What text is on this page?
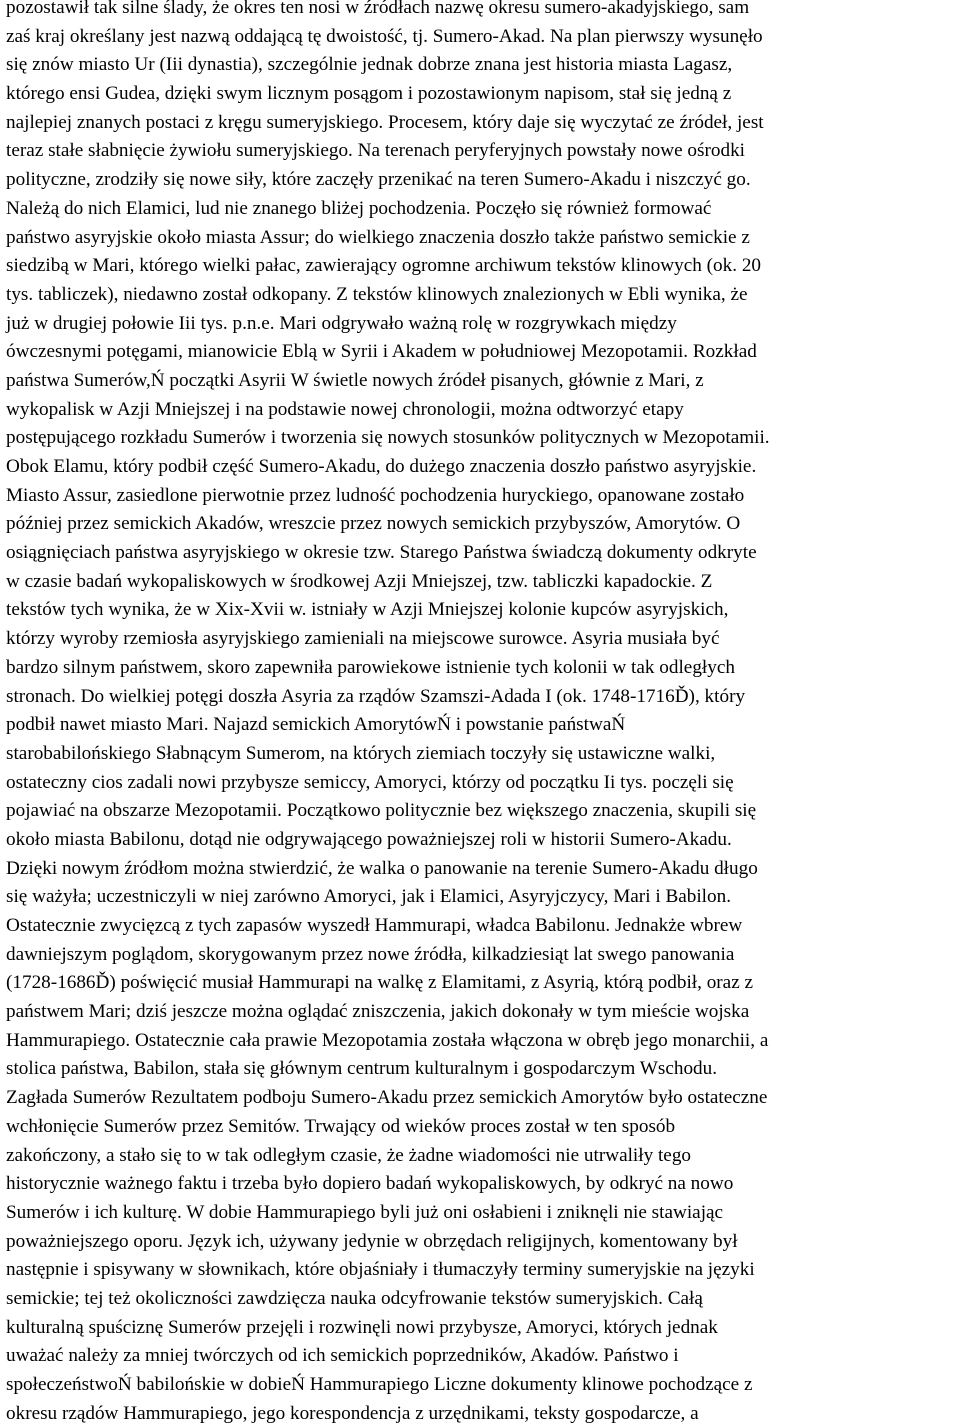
pozostawił tak silne ślady, że okres ten nosi w źródłach nazwę okresu sumero-akadyjskiego, sam
zaś kraj określany jest nazwą oddającą tę dwoistość, tj. Sumero-Akad. Na plan pierwszy wysunęło
się znów miasto Ur (Iii dynastia), szczególnie jednak dobrze znana jest historia miasta Lagasz,
którego ensi Gudea, dzięki swym licznym posągom i pozostawionym napisom, stał się jedną z
najlepiej znanych postaci z kręgu sumeryjskiego. Procesem, który daje się wyczytać ze źródeł, jest
teraz stałe słabnięcie żywiołu sumeryjskiego. Na terenach peryferyjnych powstały nowe ośrodki
polityczne, zrodziły się nowe siły, które zaczęły przenikać na teren Sumero-Akadu i niszczyć go.
Należą do nich Elamici, lud nie znanego bliżej pochodzenia. Poczęło się również formować
państwo asyryjskie około miasta Assur; do wielkiego znaczenia doszło także państwo semickie z
siedzibą w Mari, którego wielki pałac, zawierający ogromne archiwum tekstów klinowych (ok. 20
tys. tabliczek), niedawno został odkopany. Z tekstów klinowych znalezionych w Ebli wynika, że
już w drugiej połowie Iii tys. p.n.e. Mari odgrywało ważną rolę w rozgrywkach między
ówczesnymi potęgami, mianowicie Eblą w Syrii i Akadem w południowej Mezopotamii. Rozkład
państwa Sumerów,Ń początki Asyrii W świetle nowych źródeł pisanych, głównie z Mari, z
wykopalisk w Azji Mniejszej i na podstawie nowej chronologii, można odtworzyć etapy
postępującego rozkładu Sumerów i tworzenia się nowych stosunków politycznych w Mezopotamii.
Obok Elamu, który podbił część Sumero-Akadu, do dużego znaczenia doszło państwo asyryjskie.
Miasto Assur, zasiedlone pierwotnie przez ludność pochodzenia huryckiego, opanowane zostało
później przez semickich Akadów, wreszcie przez nowych semickich przybyszów, Amorytów. O
osiągnięciach państwa asyryjskiego w okresie tzw. Starego Państwa świadczą dokumenty odkryte
w czasie badań wykopaliskowych w środkowej Azji Mniejszej, tzw. tabliczki kapadockie. Z
tekstów tych wynika, że w Xix-Xvii w. istniały w Azji Mniejszej kolonie kupców asyryjskich,
którzy wyroby rzemiosła asyryjskiego zamieniali na miejscowe surowce. Asyria musiała być
bardzo silnym państwem, skoro zapewniła parowiekowe istnienie tych kolonii w tak odległych
stronach. Do wielkiej potęgi doszła Asyria za rządów Szamszi-Adada I (ok. 1748-1716Ď), który
podbił nawet miasto Mari. Najazd semickich AmorytówŃ i powstanie państwaŃ
starobabilońskiego Słabnącym Sumerom, na których ziemiach toczyły się ustawiczne walki,
ostateczny cios zadali nowi przybysze semiccy, Amoryci, którzy od początku Ii tys. poczęli się
pojawiać na obszarze Mezopotamii. Początkowo politycznie bez większego znaczenia, skupili się
około miasta Babilonu, dotąd nie odgrywającego poważniejszej roli w historii Sumero-Akadu.
Dzięki nowym źródłom można stwierdzić, że walka o panowanie na terenie Sumero-Akadu długo
się ważyła; uczestniczyli w niej zarówno Amoryci, jak i Elamici, Asyryjczycy, Mari i Babilon.
Ostatecznie zwycięzcą z tych zapasów wyszedł Hammurapi, władca Babilonu. Jednakże wbrew
dawniejszym poglądom, skorygowanym przez nowe źródła, kilkadziesiąt lat swego panowania
(1728-1686Ď) poświęcić musiał Hammurapi na walkę z Elamitami, z Asyrią, którą podbił, oraz z
państwem Mari; dziś jeszcze można oglądać zniszczenia, jakich dokonały w tym mieście wojska
Hammurapiego. Ostatecznie cała prawie Mezopotamia została włączona w obręb jego monarchii, a
stolica państwa, Babilon, stała się głównym centrum kulturalnym i gospodarczym Wschodu.
Zagłada Sumerów Rezultatem podboju Sumero-Akadu przez semickich Amorytów było ostateczne
wchłonięcie Sumerów przez Semitów. Trwający od wieków proces został w ten sposób
zakończony, a stało się to w tak odległym czasie, że żadne wiadomości nie utrwaliły tego
historycznie ważnego faktu i trzeba było dopiero badań wykopaliskowych, by odkryć na nowo
Sumerów i ich kulturę. W dobie Hammurapiego byli już oni osłabieni i zniknęli nie stawiając
poważniejszego oporu. Język ich, używany jedynie w obrzędach religijnych, komentowany był
następnie i spisywany w słownikach, które objaśniały i tłumaczyły terminy sumeryjskie na języki
semickie; tej też okoliczności zawdzięcza nauka odcyfrowanie tekstów sumeryjskich. Całą
kulturalną spuściznę Sumerów przejęli i rozwinęli nowi przybysze, Amoryci, których jednak
uważać należy za mniej twórczych od ich semickich poprzedników, Akadów. Państwo i
społeczeństwoŃ babilońskie w dobieŃ Hammurapiego Liczne dokumenty klinowe pochodzące z
okresu rządów Hammurapiego, jego korespondencja z urzędnikami, teksty gospodarcze, a
